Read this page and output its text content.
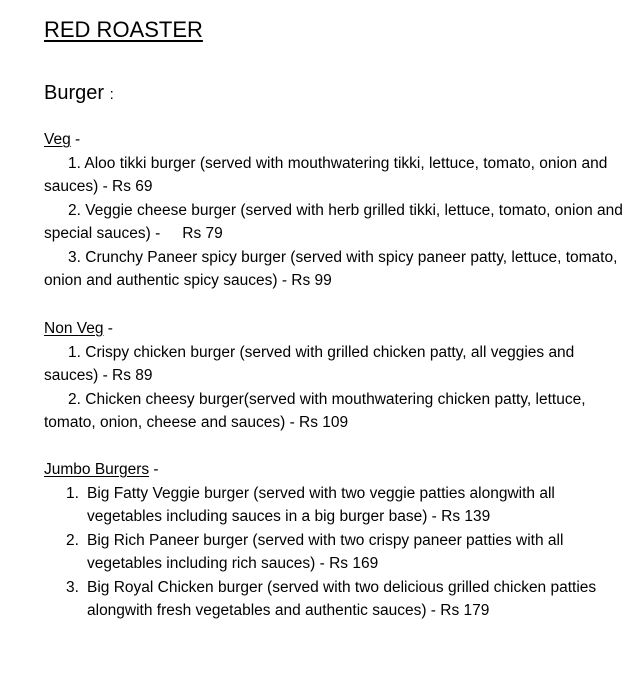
RED ROASTER
Burger :
Veg -

1. Aloo tikki burger (served with mouthwatering tikki, lettuce, tomato, onion and sauces) - Rs 69

2. Veggie cheese burger (served with herb grilled tikki, lettuce, tomato, onion and special sauces) - Rs 79

3. Crunchy Paneer spicy burger (served with spicy paneer patty, lettuce, tomato, onion and authentic spicy sauces) - Rs 99

Non Veg -

1. Crispy chicken burger (served with grilled chicken patty, all veggies and sauces) - Rs 89

2. Chicken cheesy burger(served with mouthwatering chicken patty, lettuce, tomato, onion, cheese and sauces) - Rs 109

Jumbo Burgers -

1. Big Fatty Veggie burger (served with two veggie patties alongwith all vegetables including sauces in a big burger base) - Rs 139

2. Big Rich Paneer burger (served with two crispy paneer patties with all vegetables including rich sauces) - Rs 169

3. Big Royal Chicken burger (served with two delicious grilled chicken patties alongwith fresh vegetables and authentic sauces) - Rs 179
